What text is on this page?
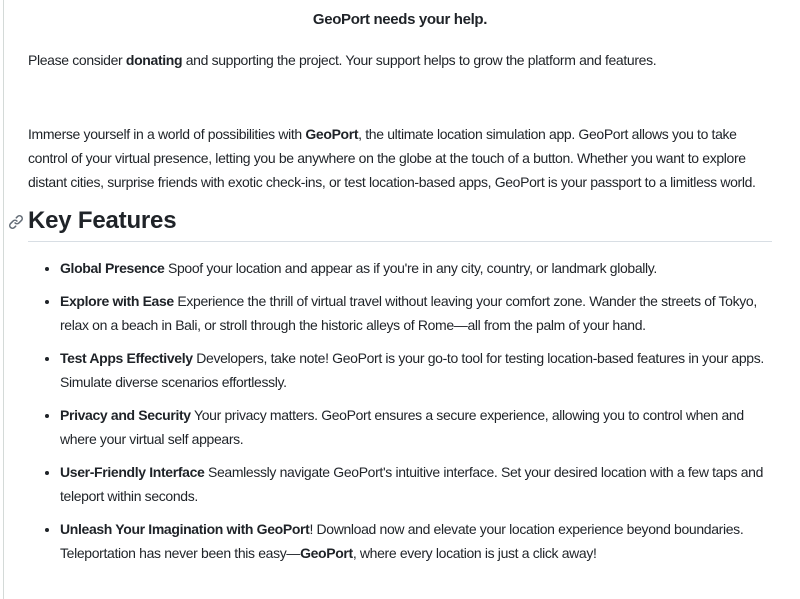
GeoPort needs your help.

Please consider donating and supporting the project. Your support helps to grow the platform and features.

Immerse yourself in a world of possibilities with GeoPort, the ultimate location simulation app. GeoPort allows you to take control of your virtual presence, letting you be anywhere on the globe at the touch of a button. Whether you want to explore distant cities, surprise friends with exotic check-ins, or test location-based apps, GeoPort is your passport to a limitless world.

Key Features

• Global Presence Spoof your location and appear as if you're in any city, country, or landmark globally.

• Explore with Ease Experience the thrill of virtual travel without leaving your comfort zone. Wander the streets of Tokyo, relax on a beach in Bali, or stroll through the historic alleys of Rome—all from the palm of your hand.

• Test Apps Effectively Developers, take note! GeoPort is your go-to tool for testing location-based features in your apps. Simulate diverse scenarios effortlessly.

• Privacy and Security Your privacy matters. GeoPort ensures a secure experience, allowing you to control when and where your virtual self appears.

• User-Friendly Interface Seamlessly navigate GeoPort's intuitive interface. Set your desired location with a few taps and teleport within seconds.

• Unleash Your Imagination with GeoPort! Download now and elevate your location experience beyond boundaries. Teleportation has never been this easy—GeoPort, where every location is just a click away!
